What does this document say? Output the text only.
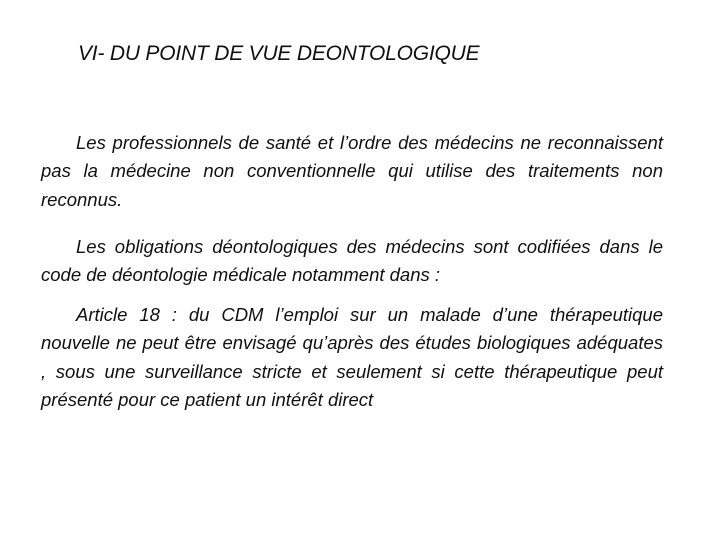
VI- DU POINT DE VUE DEONTOLOGIQUE

Les professionnels de santé et l’ordre des médecins ne reconnaissent pas la médecine non conventionnelle qui utilise des traitements non reconnus.

Les obligations déontologiques des médecins sont codifiées dans le code de déontologie médicale notamment dans :

Article 18 : du CDM l’emploi sur un malade d’une thérapeutique nouvelle ne peut être envisagé qu’après des études biologiques adéquates , sous une surveillance stricte et seulement si cette thérapeutique peut présenté pour ce patient un intérêt direct
